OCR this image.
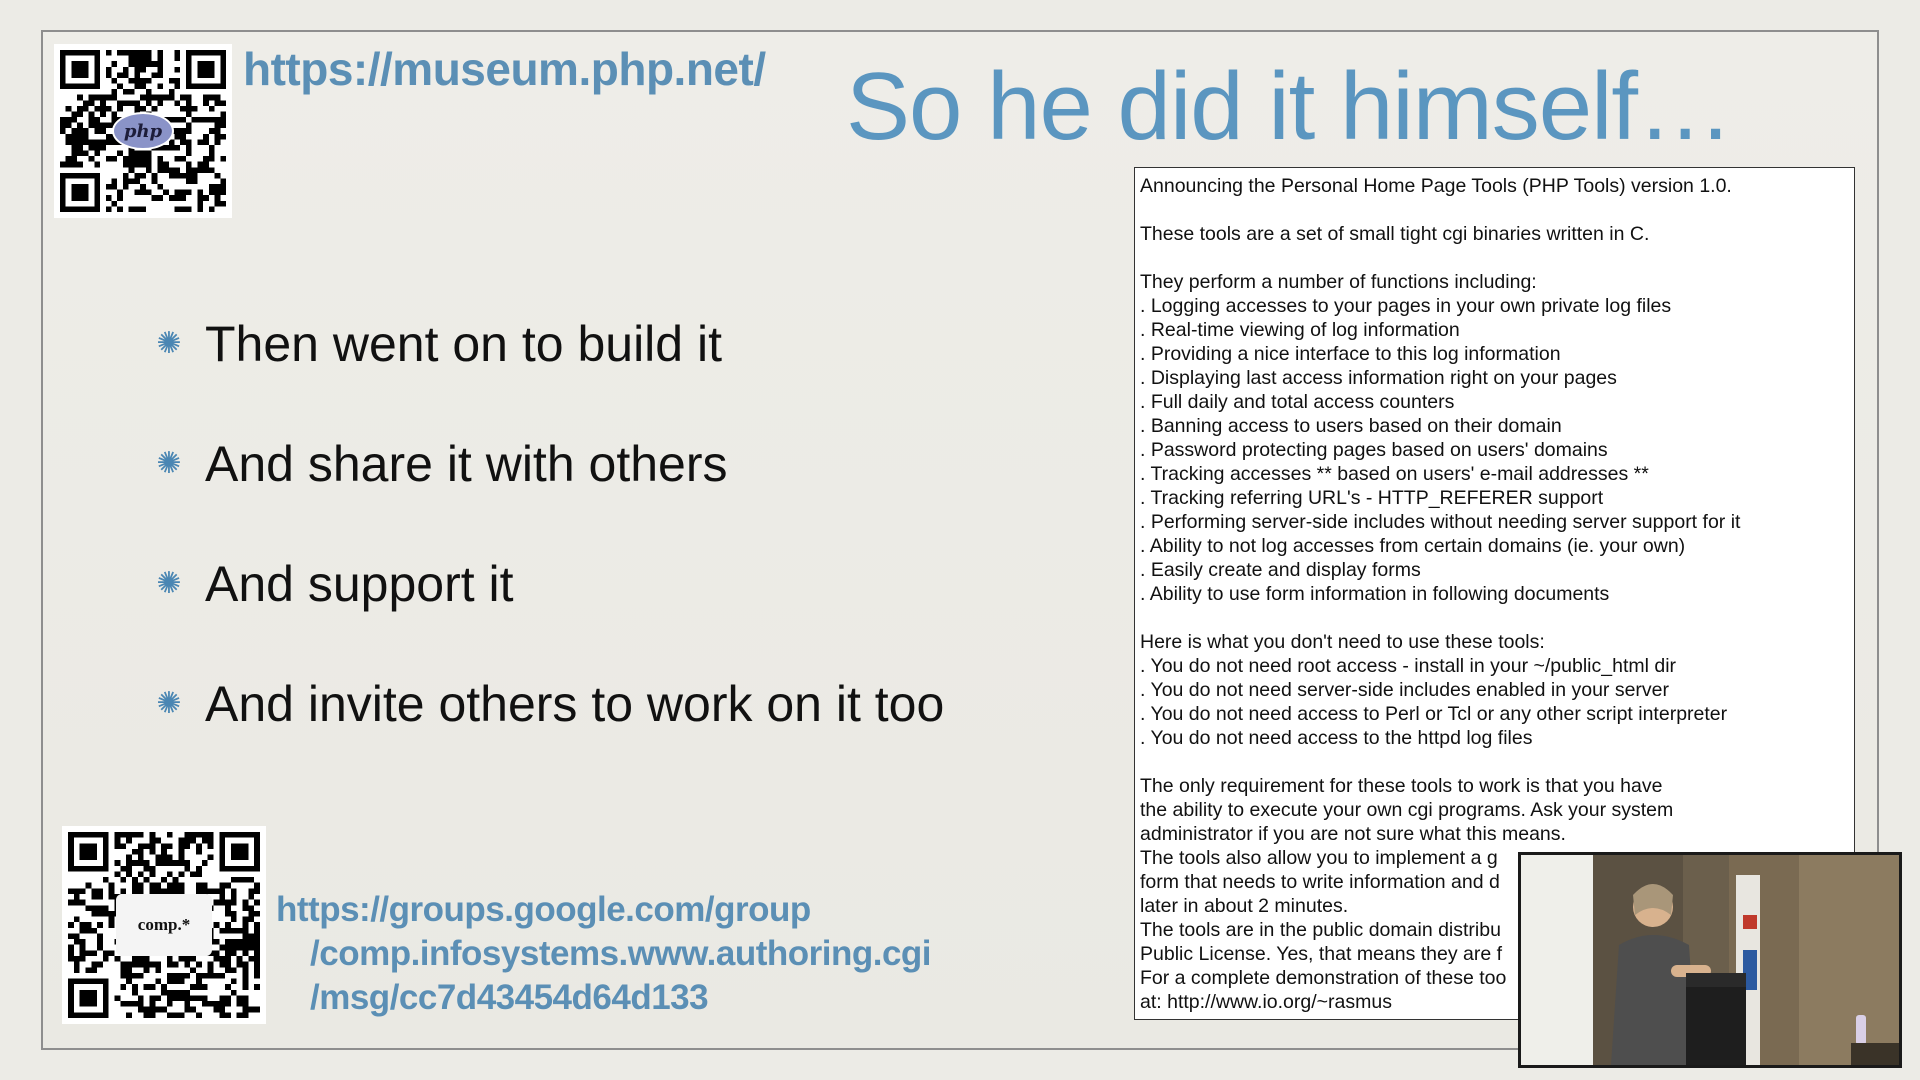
php
https://museum.php.net/ So he did it himself…
✺ Then went on to build it
✺ And share it with others
✺ And support it
✺ And invite others to work on it too
comp.*	https://groups.google.com/group
/comp.infosystems.www.authoring.cgi
/msg/cc7d43454d64d133
Announcing the Personal Home Page Tools (PHP Tools) version 1.0.

These tools are a set of small tight cgi binaries written in C.

They perform a number of functions including:
. Logging accesses to your pages in your own private log files
. Real-time viewing of log information
. Providing a nice interface to this log information
. Displaying last access information right on your pages
. Full daily and total access counters
. Banning access to users based on their domain
. Password protecting pages based on users' domains
. Tracking accesses ** based on users' e-mail addresses **
. Tracking referring URL's - HTTP_REFERER support
. Performing server-side includes without needing server support for it
. Ability to not log accesses from certain domains (ie. your own)
. Easily create and display forms
. Ability to use form information in following documents

Here is what you don't need to use these tools:
. You do not need root access - install in your ~/public_html dir
. You do not need server-side includes enabled in your server
. You do not need access to Perl or Tcl or any other script interpreter
. You do not need access to the httpd log files

The only requirement for these tools to work is that you have
the ability to execute your own cgi programs. Ask your system
administrator if you are not sure what this means.
The tools also allow you to implement a g
form that needs to write information and d
later in about 2 minutes.
The tools are in the public domain distribu
Public License. Yes, that means they are f
For a complete demonstration of these too
at: http://www.io.org/~rasmus
